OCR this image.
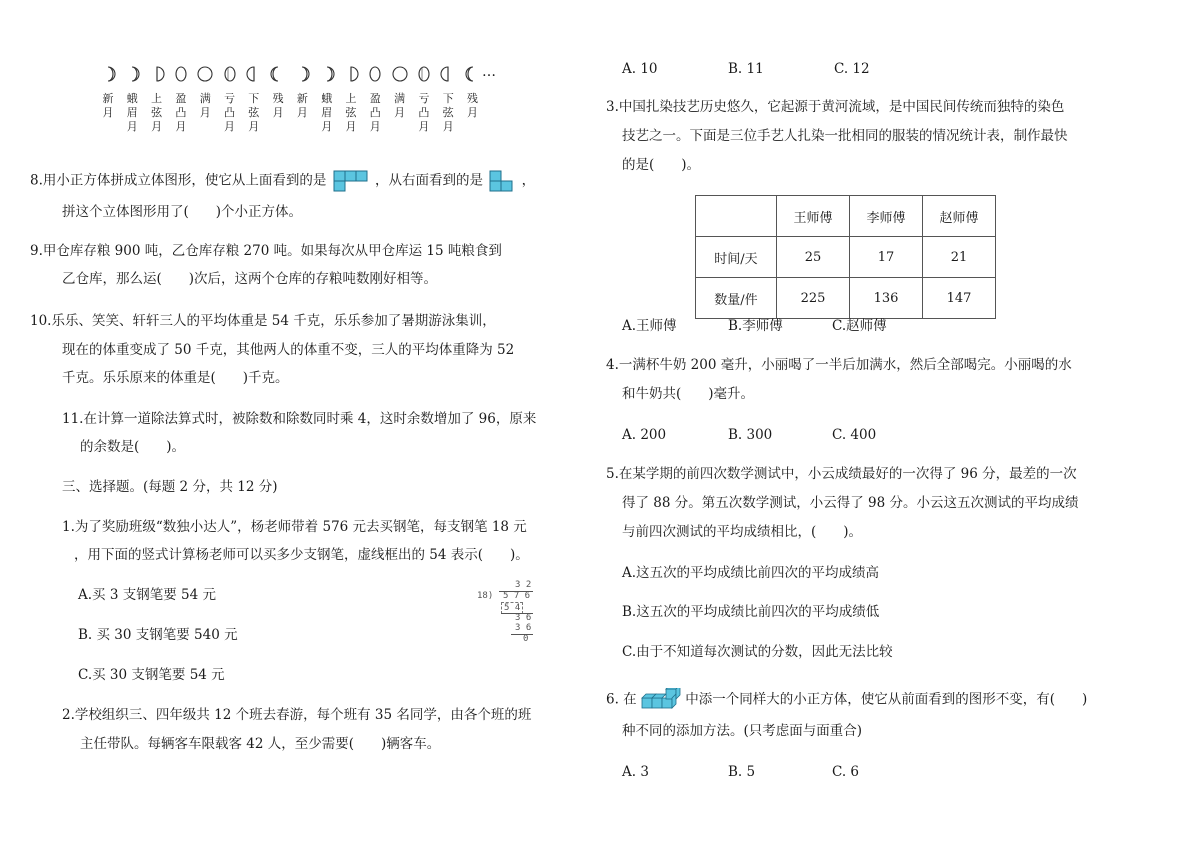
新
月
蛾
眉
月
上
弦
月
盈
凸
月
满
月
亏
凸
月
下
弦
月
残
月
新
月
蛾
眉
月
上
弦
月
盈
凸
月
满
月
亏
凸
月
下
弦
月
残
月
…
8.用小正方体拼成立体图形，使它从上面看到的是	，从右面看到的是	，
拼这个立体图形用了(　　)个小正方体。
9.甲仓库存粮 900 吨，乙仓库存粮 270 吨。如果每次从甲仓库运 15 吨粮食到
乙仓库，那么运(　　)次后，这两个仓库的存粮吨数刚好相等。
10.乐乐、笑笑、轩轩三人的平均体重是 54 千克，乐乐参加了暑期游泳集训，
现在的体重变成了 50 千克，其他两人的体重不变，三人的平均体重降为 52
千克。乐乐原来的体重是(　　)千克。
11.在计算一道除法算式时，被除数和除数同时乘 4，这时余数增加了 96，原来
的余数是(　　)。
三、选择题。(每题 2 分，共 12 分)
1.为了奖励班级“数独小达人”，杨老师带着 576 元去买钢笔，每支钢笔 18 元
，用下面的竖式计算杨老师可以买多少支钢笔，虚线框出的 54 表示(　　)。
A.买 3 支钢笔要 54 元
B. 买 30 支钢笔要 540 元
C.买 30 支钢笔要 54 元
3 2
18) 5 7 6
5 4
3 6
3 6
0
2.学校组织三、四年级共 12 个班去春游，每个班有 35 名同学，由各个班的班
主任带队。每辆客车限载客 42 人，至少需要(　　)辆客车。
A. 10	B. 11	C. 12
3.中国扎染技艺历史悠久，它起源于黄河流域，是中国民间传统而独特的染色
技艺之一。下面是三位手艺人扎染一批相同的服装的情况统计表，制作最快
的是(　　)。
	王师傅	李师傅	赵师傅
时间/天	25	17	21
数量/件	225	136	147
A.王师傅	B.李师傅	C.赵师傅
4.一满杯牛奶 200 毫升，小丽喝了一半后加满水，然后全部喝完。小丽喝的水
和牛奶共(　　)毫升。
A. 200	B. 300	C. 400
5.在某学期的前四次数学测试中，小云成绩最好的一次得了 96 分，最差的一次
得了 88 分。第五次数学测试，小云得了 98 分。小云这五次测试的平均成绩
与前四次测试的平均成绩相比，(　　)。
A.这五次的平均成绩比前四次的平均成绩高
B.这五次的平均成绩比前四次的平均成绩低
C.由于不知道每次测试的分数，因此无法比较
6. 在	中添一个同样大的小正方体，使它从前面看到的图形不变，有(　　)
种不同的添加方法。(只考虑面与面重合)
A. 3	B. 5	C. 6
